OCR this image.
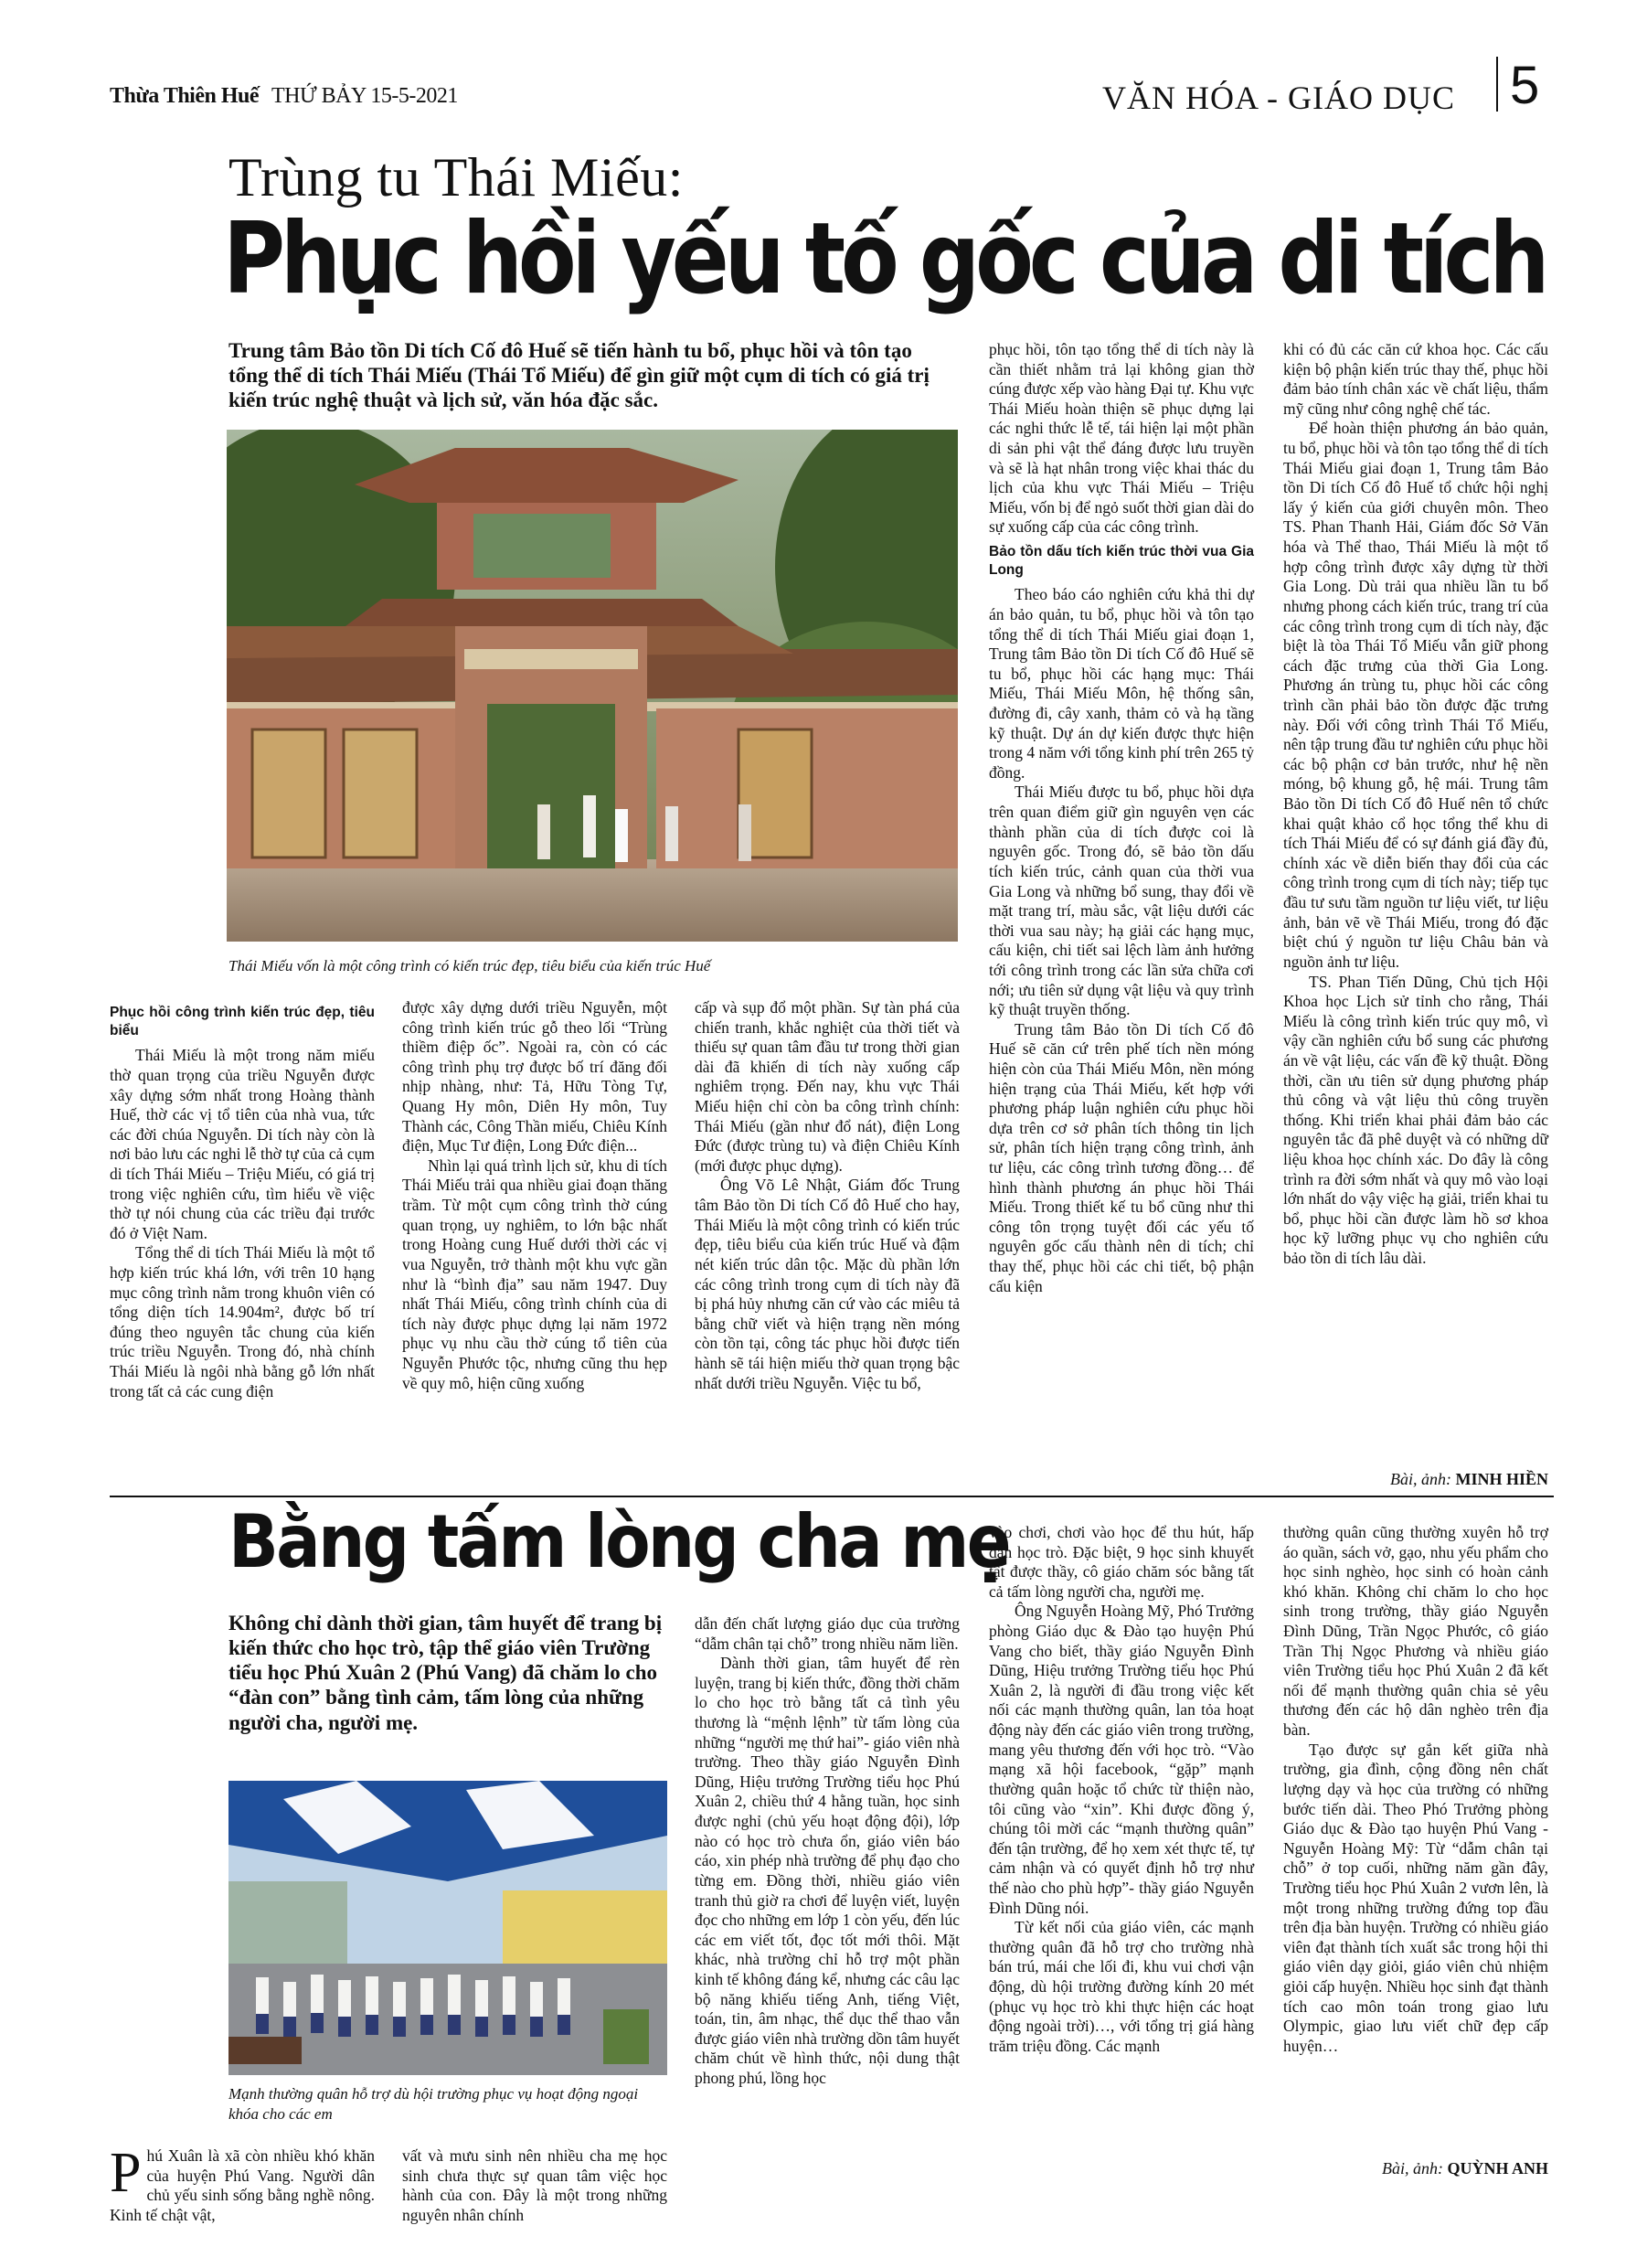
Thừa Thiên Huế THỨ BẢY 15-5-2021	VĂN HÓA - GIÁO DỤC 5
Trùng tu Thái Miếu:
Phục hồi yếu tố gốc của di tích
Trung tâm Bảo tồn Di tích Cố đô Huế sẽ tiến hành tu bổ, phục hồi và tôn tạo tổng thể di tích Thái Miếu (Thái Tổ Miếu) để gìn giữ một cụm di tích có giá trị kiến trúc nghệ thuật và lịch sử, văn hóa đặc sắc.
Thái Miếu vốn là một công trình có kiến trúc đẹp, tiêu biểu của kiến trúc Huế
Phục hồi công trình kiến trúc đẹp, tiêu biểu

Thái Miếu là một trong năm miếu thờ quan trọng của triều Nguyễn được xây dựng sớm nhất trong Hoàng thành Huế, thờ các vị tổ tiên của nhà vua, tức các đời chúa Nguyễn. Di tích này còn là nơi bảo lưu các nghi lễ thờ tự của cả cụm di tích Thái Miếu – Triệu Miếu, có giá trị trong việc nghiên cứu, tìm hiểu về việc thờ tự nói chung của các triều đại trước đó ở Việt Nam.

Tổng thể di tích Thái Miếu là một tổ hợp kiến trúc khá lớn, với trên 10 hạng mục công trình nằm trong khuôn viên có tổng diện tích 14.904m², được bố trí đúng theo nguyên tắc chung của kiến trúc triều Nguyễn. Trong đó, nhà chính Thái Miếu là ngôi nhà bằng gỗ lớn nhất trong tất cả các cung điện

được xây dựng dưới triều Nguyễn, một công trình kiến trúc gỗ theo lối “Trùng thiềm điệp ốc”. Ngoài ra, còn có các công trình phụ trợ được bố trí đăng đối nhịp nhàng, như: Tả, Hữu Tòng Tự, Quang Hy môn, Diên Hy môn, Tuy Thành các, Công Thần miếu, Chiêu Kính điện, Mục Tư điện, Long Đức điện...

Nhìn lại quá trình lịch sử, khu di tích Thái Miếu trải qua nhiều giai đoạn thăng trầm. Từ một cụm công trình thờ cúng quan trọng, uy nghiêm, to lớn bậc nhất trong Hoàng cung Huế dưới thời các vị vua Nguyễn, trở thành một khu vực gần như là “bình địa” sau năm 1947. Duy nhất Thái Miếu, công trình chính của di tích này được phục dựng lại năm 1972 phục vụ nhu cầu thờ cúng tổ tiên của Nguyễn Phước tộc, nhưng cũng thu hẹp về quy mô, hiện cũng xuống

cấp và sụp đổ một phần. Sự tàn phá của chiến tranh, khắc nghiệt của thời tiết và thiếu sự quan tâm đầu tư trong thời gian dài đã khiến di tích này xuống cấp nghiêm trọng. Đến nay, khu vực Thái Miếu hiện chỉ còn ba công trình chính: Thái Miếu (gần như đổ nát), điện Long Đức (được trùng tu) và điện Chiêu Kính (mới được phục dựng).

Ông Võ Lê Nhật, Giám đốc Trung tâm Bảo tồn Di tích Cố đô Huế cho hay, Thái Miếu là một công trình có kiến trúc đẹp, tiêu biểu của kiến trúc Huế và đậm nét kiến trúc dân tộc. Mặc dù phần lớn các công trình trong cụm di tích này đã bị phá hủy nhưng căn cứ vào các miêu tả bằng chữ viết và hiện trạng nền móng còn tồn tại, công tác phục hồi được tiến hành sẽ tái hiện miếu thờ quan trọng bậc nhất dưới triều Nguyễn. Việc tu bổ,

phục hồi, tôn tạo tổng thể di tích này là cần thiết nhằm trả lại không gian thờ cúng được xếp vào hàng Đại tự. Khu vực Thái Miếu hoàn thiện sẽ phục dựng lại các nghi thức lễ tế, tái hiện lại một phần di sản phi vật thể đáng được lưu truyền và sẽ là hạt nhân trong việc khai thác du lịch của khu vực Thái Miếu – Triệu Miếu, vốn bị để ngỏ suốt thời gian dài do sự xuống cấp của các công trình.

Bảo tồn dấu tích kiến trúc thời vua Gia Long

Theo báo cáo nghiên cứu khả thi dự án bảo quản, tu bổ, phục hồi và tôn tạo tổng thể di tích Thái Miếu giai đoạn 1, Trung tâm Bảo tồn Di tích Cố đô Huế sẽ tu bổ, phục hồi các hạng mục: Thái Miếu, Thái Miếu Môn, hệ thống sân, đường đi, cây xanh, thảm cỏ và hạ tầng kỹ thuật. Dự án dự kiến được thực hiện trong 4 năm với tổng kinh phí trên 265 tỷ đồng.

Thái Miếu được tu bổ, phục hồi dựa trên quan điểm giữ gìn nguyên vẹn các thành phần của di tích được coi là nguyên gốc. Trong đó, sẽ bảo tồn dấu tích kiến trúc, cảnh quan của thời vua Gia Long và những bổ sung, thay đổi về mặt trang trí, màu sắc, vật liệu dưới các thời vua sau này; hạ giải các hạng mục, cấu kiện, chi tiết sai lệch làm ảnh hưởng tới công trình trong các lần sửa chữa cơi nới; ưu tiên sử dụng vật liệu và quy trình kỹ thuật truyền thống.

Trung tâm Bảo tồn Di tích Cố đô Huế sẽ căn cứ trên phế tích nền móng hiện còn của Thái Miếu Môn, nền móng hiện trạng của Thái Miếu, kết hợp với phương pháp luận nghiên cứu phục hồi dựa trên cơ sở phân tích thông tin lịch sử, phân tích hiện trạng công trình, ảnh tư liệu, các công trình tương đồng… để hình thành phương án phục hồi Thái Miếu. Trong thiết kế tu bổ cũng như thi công tôn trọng tuyệt đối các yếu tố nguyên gốc cấu thành nên di tích; chỉ thay thế, phục hồi các chi tiết, bộ phận cấu kiện

khi có đủ các căn cứ khoa học. Các cấu kiện bộ phận kiến trúc thay thế, phục hồi đảm bảo tính chân xác về chất liệu, thẩm mỹ cũng như công nghệ chế tác.

Để hoàn thiện phương án bảo quản, tu bổ, phục hồi và tôn tạo tổng thể di tích Thái Miếu giai đoạn 1, Trung tâm Bảo tồn Di tích Cố đô Huế tổ chức hội nghị lấy ý kiến của giới chuyên môn. Theo TS. Phan Thanh Hải, Giám đốc Sở Văn hóa và Thể thao, Thái Miếu là một tổ hợp công trình được xây dựng từ thời Gia Long. Dù trải qua nhiều lần tu bổ nhưng phong cách kiến trúc, trang trí của các công trình trong cụm di tích này, đặc biệt là tòa Thái Tổ Miếu vẫn giữ phong cách đặc trưng của thời Gia Long. Phương án trùng tu, phục hồi các công trình cần phải bảo tồn được đặc trưng này. Đối với công trình Thái Tổ Miếu, nên tập trung đầu tư nghiên cứu phục hồi các bộ phận cơ bản trước, như hệ nền móng, bộ khung gỗ, hệ mái. Trung tâm Bảo tồn Di tích Cố đô Huế nên tổ chức khai quật khảo cổ học tổng thể khu di tích Thái Miếu để có sự đánh giá đầy đủ, chính xác về diễn biến thay đổi của các công trình trong cụm di tích này; tiếp tục đầu tư sưu tầm nguồn tư liệu viết, tư liệu ảnh, bản vẽ về Thái Miếu, trong đó đặc biệt chú ý nguồn tư liệu Châu bản và nguồn ảnh tư liệu.

TS. Phan Tiến Dũng, Chủ tịch Hội Khoa học Lịch sử tỉnh cho rằng, Thái Miếu là công trình kiến trúc quy mô, vì vậy cần nghiên cứu bổ sung các phương án về vật liệu, các vấn đề kỹ thuật. Đồng thời, cần ưu tiên sử dụng phương pháp thủ công và vật liệu thủ công truyền thống. Khi triển khai phải đảm bảo các nguyên tắc đã phê duyệt và có những dữ liệu khoa học chính xác. Do đây là công trình ra đời sớm nhất và quy mô vào loại lớn nhất do vậy việc hạ giải, triển khai tu bổ, phục hồi cần được làm hồ sơ khoa học kỹ lưỡng phục vụ cho nghiên cứu bảo tồn di tích lâu dài.

Bài, ảnh: MINH HIỀN
Bằng tấm lòng cha mẹ
Không chỉ dành thời gian, tâm huyết để trang bị kiến thức cho học trò, tập thể giáo viên Trường tiểu học Phú Xuân 2 (Phú Vang) đã chăm lo cho “đàn con” bằng tình cảm, tấm lòng của những người cha, người mẹ.
Mạnh thường quân hỗ trợ dù hội trường phục vụ hoạt động ngoại khóa cho các em
P hú Xuân là xã còn nhiều khó khăn của huyện Phú Vang. Người dân chủ yếu sinh sống bằng nghề nông. Kinh tế chật vật,

vất và mưu sinh nên nhiều cha mẹ học sinh chưa thực sự quan tâm việc học hành của con. Đây là một trong những nguyên nhân chính

dẫn đến chất lượng giáo dục của trường “dẫm chân tại chỗ” trong nhiều năm liền.

Dành thời gian, tâm huyết để rèn luyện, trang bị kiến thức, đồng thời chăm lo cho học trò bằng tất cả tình yêu thương là “mệnh lệnh” từ tấm lòng của những “người mẹ thứ hai”- giáo viên nhà trường. Theo thầy giáo Nguyễn Đình Dũng, Hiệu trưởng Trường tiểu học Phú Xuân 2, chiều thứ 4 hằng tuần, học sinh được nghỉ (chủ yếu hoạt động đội), lớp nào có học trò chưa ổn, giáo viên báo cáo, xin phép nhà trường để phụ đạo cho từng em. Đồng thời, nhiều giáo viên tranh thủ giờ ra chơi để luyện viết, luyện đọc cho những em lớp 1 còn yếu, đến lúc các em viết tốt, đọc tốt mới thôi. Mặt khác, nhà trường chỉ hỗ trợ một phần kinh tế không đáng kể, nhưng các câu lạc bộ năng khiếu tiếng Anh, tiếng Việt, toán, tin, âm nhạc, thể dục thể thao vẫn được giáo viên nhà trường dồn tâm huyết chăm chút về hình thức, nội dung thật phong phú, lồng học

vào chơi, chơi vào học để thu hút, hấp dẫn học trò. Đặc biệt, 9 học sinh khuyết tật được thầy, cô giáo chăm sóc bằng tất cả tấm lòng người cha, người mẹ.

Ông Nguyễn Hoàng Mỹ, Phó Trưởng phòng Giáo dục & Đào tạo huyện Phú Vang cho biết, thầy giáo Nguyễn Đình Dũng, Hiệu trưởng Trường tiểu học Phú Xuân 2, là người đi đầu trong việc kết nối các mạnh thường quân, lan tỏa hoạt động này đến các giáo viên trong trường, mang yêu thương đến với học trò. “Vào mạng xã hội facebook, “gặp” mạnh thường quân hoặc tổ chức từ thiện nào, tôi cũng vào “xin”. Khi được đồng ý, chúng tôi mời các “mạnh thường quân” đến tận trường, để họ xem xét thực tế, tự cảm nhận và có quyết định hỗ trợ như thế nào cho phù hợp”- thầy giáo Nguyễn Đình Dũng nói.

Từ kết nối của giáo viên, các mạnh thường quân đã hỗ trợ cho trường nhà bán trú, mái che lối đi, khu vui chơi vận động, dù hội trường đường kính 20 mét (phục vụ học trò khi thực hiện các hoạt động ngoài trời)…, với tổng trị giá hàng trăm triệu đồng. Các mạnh

thường quân cũng thường xuyên hỗ trợ áo quần, sách vở, gạo, nhu yếu phẩm cho học sinh nghèo, học sinh có hoàn cảnh khó khăn. Không chỉ chăm lo cho học sinh trong trường, thầy giáo Nguyễn Đình Dũng, Trần Ngọc Phước, cô giáo Trần Thị Ngọc Phương và nhiều giáo viên Trường tiểu học Phú Xuân 2 đã kết nối để mạnh thường quân chia sẻ yêu thương đến các hộ dân nghèo trên địa bàn.

Tạo được sự gắn kết giữa nhà trường, gia đình, cộng đồng nên chất lượng dạy và học của trường có những bước tiến dài. Theo Phó Trưởng phòng Giáo dục & Đào tạo huyện Phú Vang - Nguyễn Hoàng Mỹ: Từ “dẫm chân tại chỗ” ở top cuối, những năm gần đây, Trường tiểu học Phú Xuân 2 vươn lên, là một trong những trường đứng top đầu trên địa bàn huyện. Trường có nhiều giáo viên đạt thành tích xuất sắc trong hội thi giáo viên dạy giỏi, giáo viên chủ nhiệm giỏi cấp huyện. Nhiều học sinh đạt thành tích cao môn toán trong giao lưu Olympic, giao lưu viết chữ đẹp cấp huyện…

Bài, ảnh: QUỲNH ANH
